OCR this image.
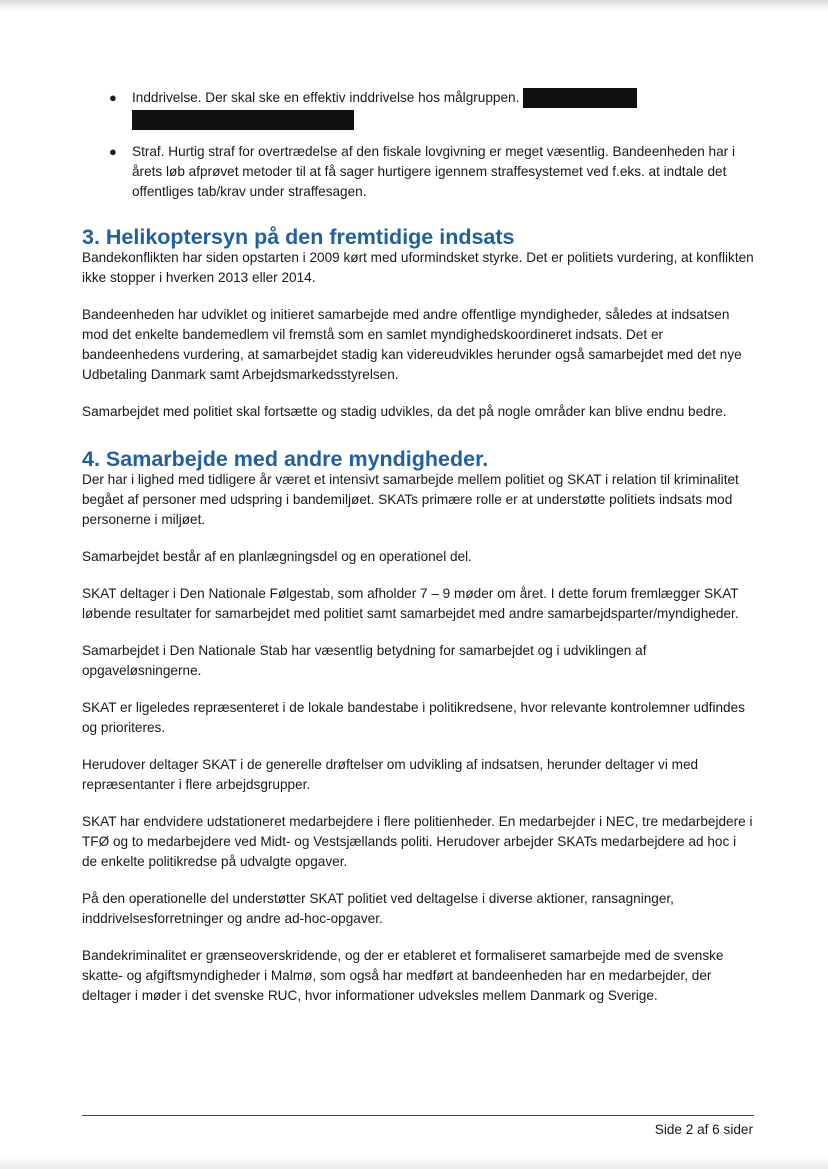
● Inddrivelse. Der skal ske en effektiv inddrivelse hos målgruppen.
● Straf. Hurtig straf for overtrædelse af den fiskale lovgivning er meget væsentlig. Bandeenheden har i årets løb afprøvet metoder til at få sager hurtigere igennem straffesystemet ved f.eks. at indtale det offentliges tab/krav under straffesagen.
3. Helikoptersyn på den fremtidige indsats

Bandekonflikten har siden opstarten i 2009 kørt med uformindsket styrke. Det er politiets vurdering, at konflikten ikke stopper i hverken 2013 eller 2014.

Bandeenheden har udviklet og initieret samarbejde med andre offentlige myndigheder, således at indsatsen mod det enkelte bandemedlem vil fremstå som en samlet myndighedskoordineret indsats. Det er bandeenhedens vurdering, at samarbejdet stadig kan videreudvikles herunder også samarbejdet med det nye Udbetaling Danmark samt Arbejdsmarkedsstyrelsen.

Samarbejdet med politiet skal fortsætte og stadig udvikles, da det på nogle områder kan blive endnu bedre.

4. Samarbejde med andre myndigheder.

Der har i lighed med tidligere år været et intensivt samarbejde mellem politiet og SKAT i relation til kriminalitet begået af personer med udspring i bandemiljøet. SKATs primære rolle er at understøtte politiets indsats mod personerne i miljøet.

Samarbejdet består af en planlægningsdel og en operationel del.

SKAT deltager i Den Nationale Følgestab, som afholder 7 – 9 møder om året. I dette forum fremlægger SKAT løbende resultater for samarbejdet med politiet samt samarbejdet med andre samarbejdsparter/myndigheder.

Samarbejdet i Den Nationale Stab har væsentlig betydning for samarbejdet og i udviklingen af opgaveløsningerne.

SKAT er ligeledes repræsenteret i de lokale bandestabe i politikredsene, hvor relevante kontrolemner udfindes og prioriteres.

Herudover deltager SKAT i de generelle drøftelser om udvikling af indsatsen, herunder deltager vi med repræsentanter i flere arbejdsgrupper.

SKAT har endvidere udstationeret medarbejdere i flere politienheder. En medarbejder i NEC, tre medarbejdere i TFØ og to medarbejdere ved Midt- og Vestsjællands politi. Herudover arbejder SKATs medarbejdere ad hoc i de enkelte politikredse på udvalgte opgaver.

På den operationelle del understøtter SKAT politiet ved deltagelse i diverse aktioner, ransagninger, inddrivelsesforretninger og andre ad-hoc-opgaver.

Bandekriminalitet er grænseoverskridende, og der er etableret et formaliseret samarbejde med de svenske skatte- og afgiftsmyndigheder i Malmø, som også har medført at bandeenheden har en medarbejder, der deltager i møder i det svenske RUC, hvor informationer udveksles mellem Danmark og Sverige.

Side 2 af 6 sider
